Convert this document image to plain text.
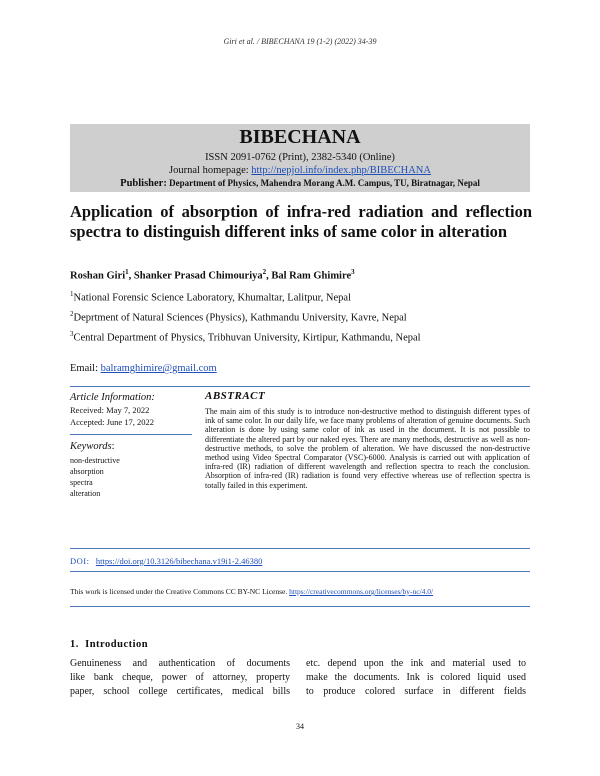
Giri et al. / BIBECHANA 19 (1-2) (2022) 34-39
BIBECHANA
ISSN 2091-0762 (Print), 2382-5340 (Online)
Journal homepage: http://nepjol.info/index.php/BIBECHANA
Publisher: Department of Physics, Mahendra Morang A.M. Campus, TU, Biratnagar, Nepal
Application of absorption of infra-red radiation and reflection spectra to distinguish different inks of same color in alteration
Roshan Giri$^1$, Shanker Prasad Chimouriya$^2$, Bal Ram Ghimire$^3$
$^1$National Forensic Science Laboratory, Khumaltar, Lalitpur, Nepal
$^2$Deprtment of Natural Sciences (Physics), Kathmandu University, Kavre, Nepal
$^3$Central Department of Physics, Tribhuvan University, Kirtipur, Kathmandu, Nepal
Email: balramghimire@gmail.com
Article Information:
Received: May 7, 2022
Accepted: June 17, 2022
Keywords:
non-destructive
absorption
spectra
alteration
ABSTRACT
The main aim of this study is to introduce non-destructive method to distinguish different types of ink of same color. In our daily life, we face many problems of alteration of genuine documents. Such alteration is done by using same color of ink as used in the document. It is not possible to differentiate the altered part by our naked eyes. There are many methods, destructive as well as non-destructive methods, to solve the problem of alteration. We have discussed the non-destructive method using Video Spectral Comparator (VSC)-6000. Analysis is carried out with application of infra-red (IR) radiation of different wavelength and reflection spectra to reach the conclusion. Absorption of infra-red (IR) radiation is found very effective whereas use of reflection spectra is totally failed in this experiment.
DOI: https://doi.org/10.3126/bibechana.v19i1-2.46380
This work is licensed under the Creative Commons CC BY-NC License. https://creativecommons.org/licenses/by-nc/4.0/
1. Introduction
Genuineness and authentication of documents
like bank cheque, power of attorney, property
paper, school college certificates, medical bills
etc. depend upon the ink and material used to
make the documents. Ink is colored liquid used
to produce colored surface in different fields
34
